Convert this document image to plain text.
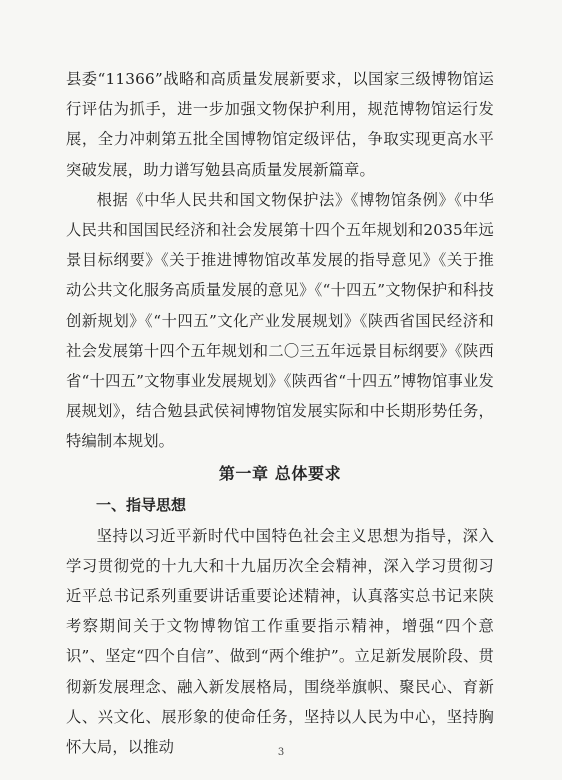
县委“11366”战略和高质量发展新要求，以国家三级博物馆运行评估为抓手，进一步加强文物保护利用，规范博物馆运行发展，全力冲刺第五批全国博物馆定级评估，争取实现更高水平突破发展，助力谱写勉县高质量发展新篇章。

根据《中华人民共和国文物保护法》《博物馆条例》《中华人民共和国国民经济和社会发展第十四个五年规划和2035年远景目标纲要》《关于推进博物馆改革发展的指导意见》《关于推动公共文化服务高质量发展的意见》《“十四五”文物保护和科技创新规划》《“十四五”文化产业发展规划》《陕西省国民经济和社会发展第十四个五年规划和二〇三五年远景目标纲要》《陕西省“十四五”文物事业发展规划》《陕西省“十四五”博物馆事业发展规划》，结合勉县武侯祠博物馆发展实际和中长期形势任务，特编制本规划。

第一章 总体要求
一、指导思想

坚持以习近平新时代中国特色社会主义思想为指导，深入学习贯彻党的十九大和十九届历次全会精神，深入学习贯彻习近平总书记系列重要讲话重要论述精神，认真落实总书记来陕考察期间关于文物博物馆工作重要指示精神，增强“四个意识”、坚定“四个自信”、做到“两个维护”。立足新发展阶段、贯彻新发展理念、融入新发展格局，围绕举旗帜、聚民心、育新人、兴文化、展形象的使命任务，坚持以人民为中心，坚持胸怀大局，以推动	3
